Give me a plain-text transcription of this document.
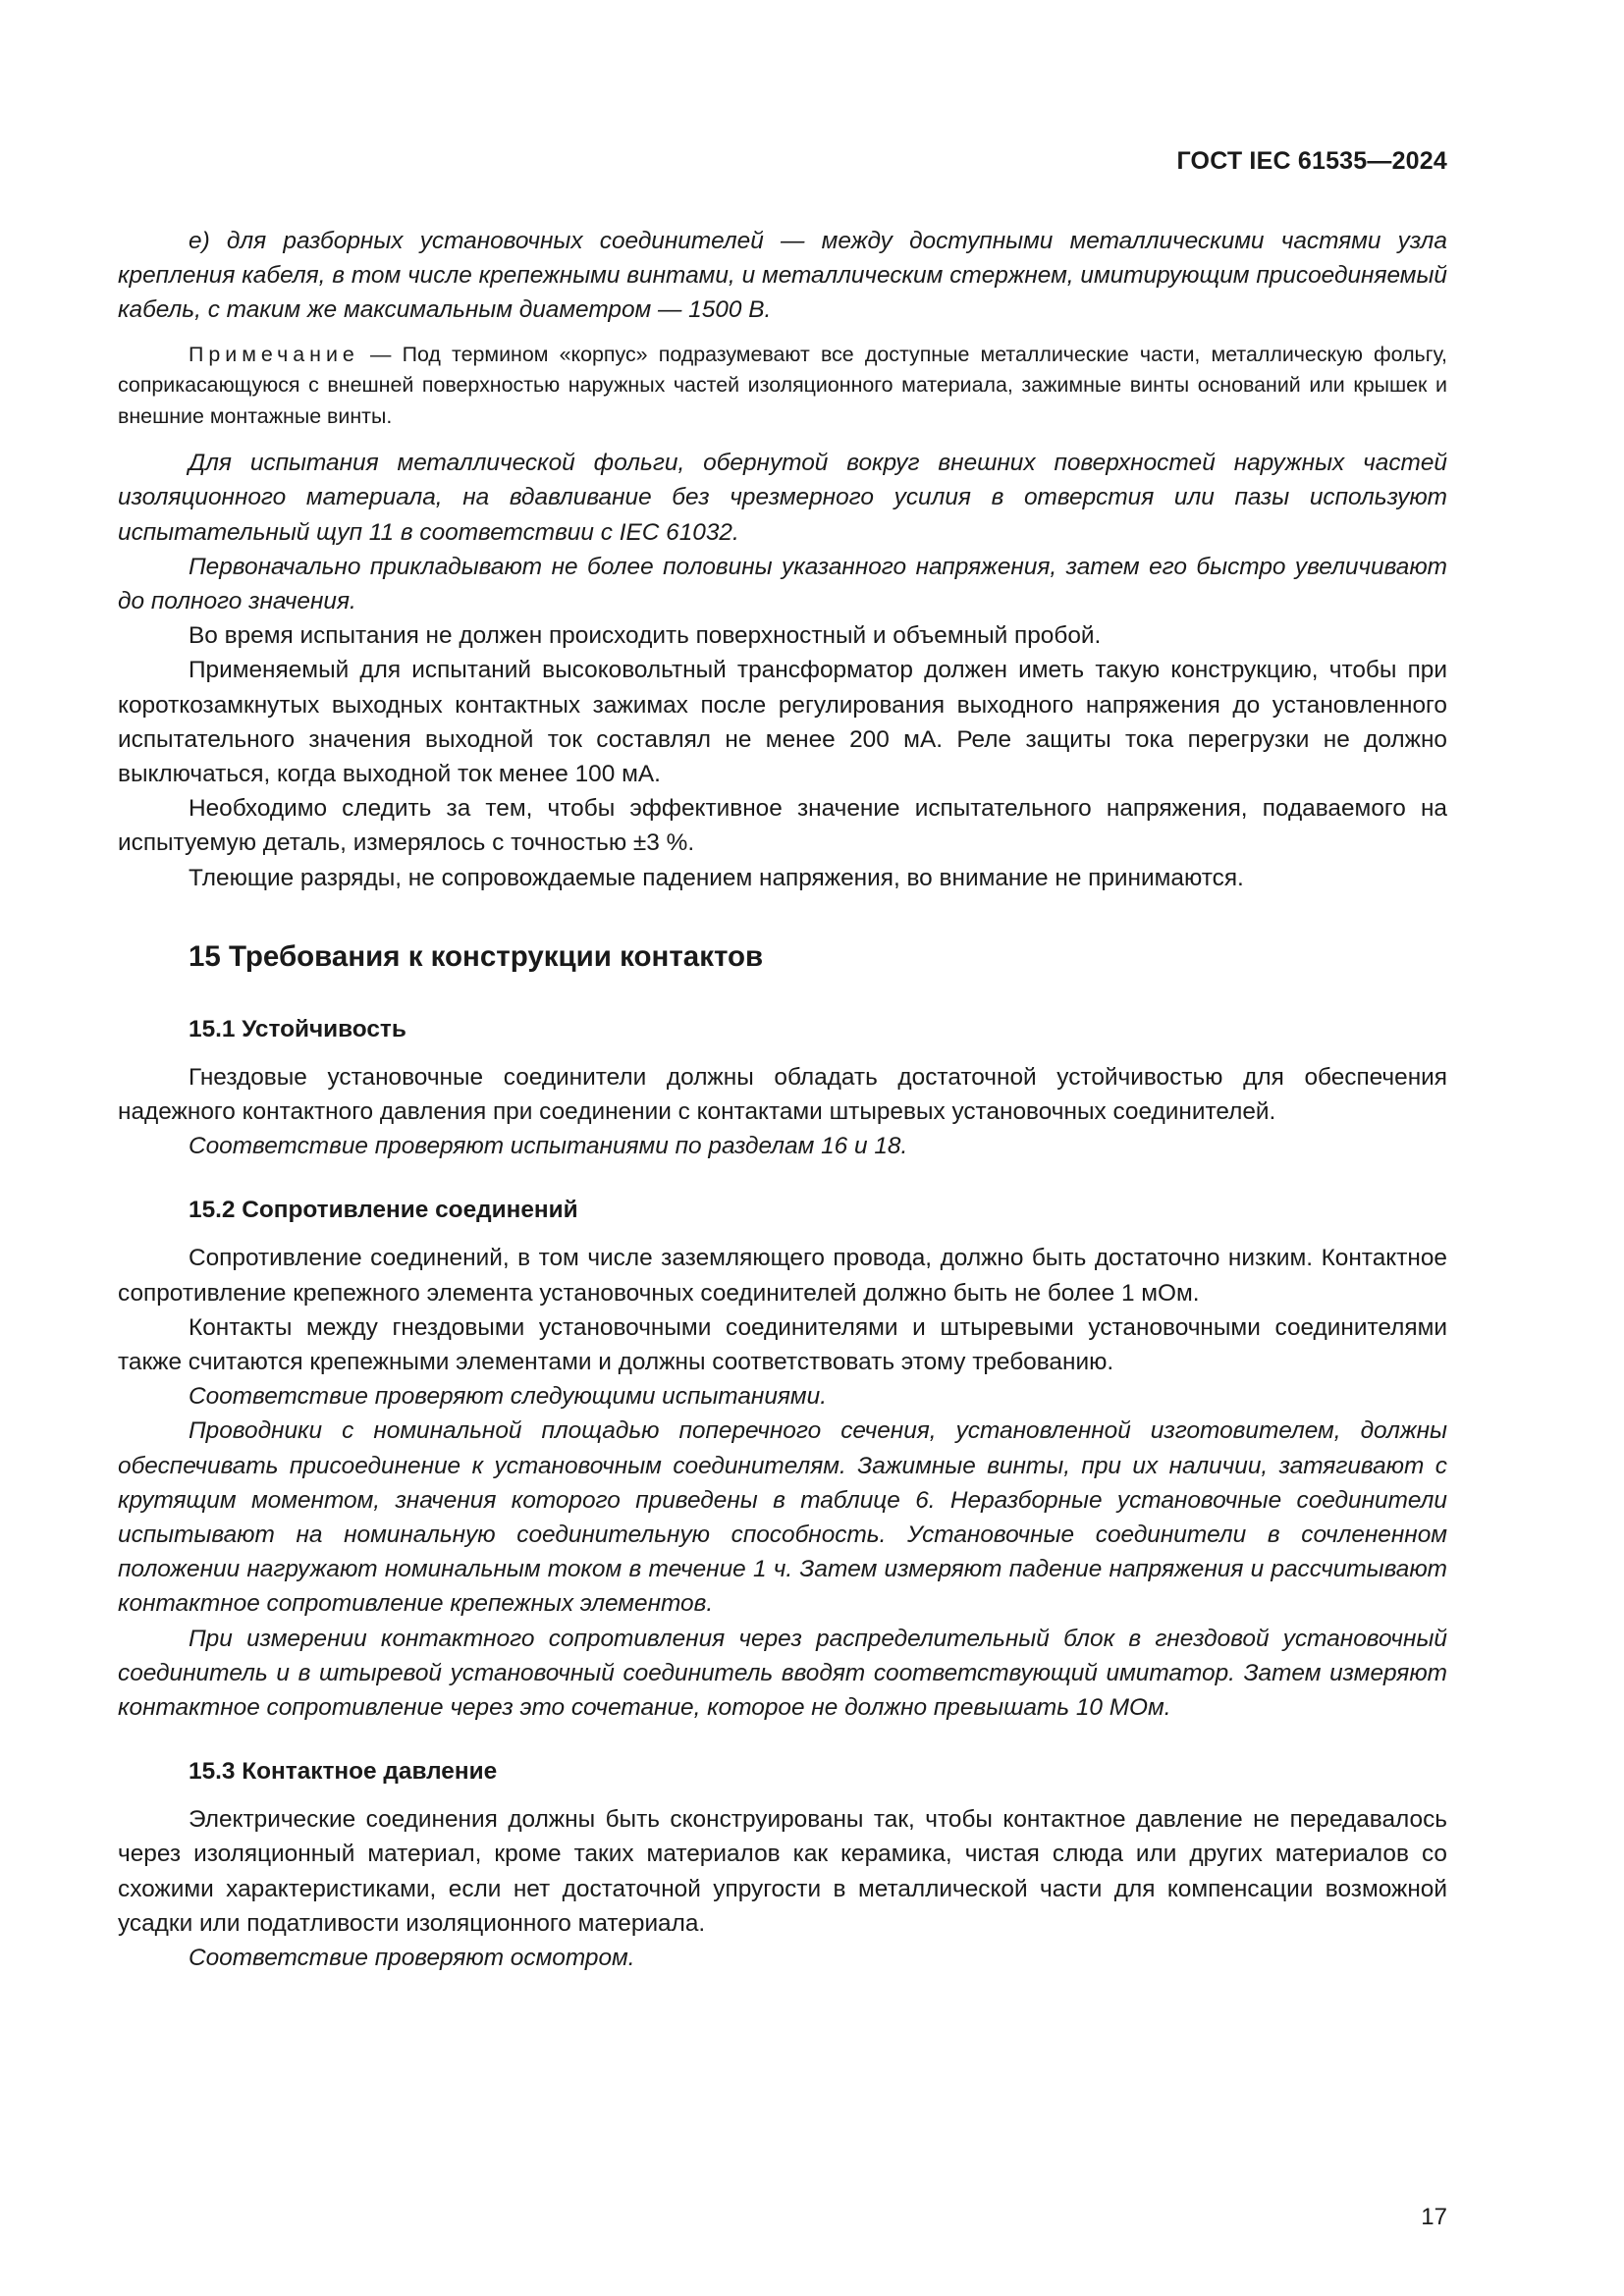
ГОСТ IEC 61535—2024

е) для разборных установочных соединителей — между доступными металлическими частями узла крепления кабеля, в том числе крепежными винтами, и металлическим стержнем, имитирующим присоединяемый кабель, с таким же максимальным диаметром — 1500 В.

Примечание — Под термином «корпус» подразумевают все доступные металлические части, металлическую фольгу, соприкасающуюся с внешней поверхностью наружных частей изоляционного материала, зажимные винты оснований или крышек и внешние монтажные винты.

Для испытания металлической фольги, обернутой вокруг внешних поверхностей наружных частей изоляционного материала, на вдавливание без чрезмерного усилия в отверстия или пазы используют испытательный щуп 11 в соответствии с IEC 61032.

Первоначально прикладывают не более половины указанного напряжения, затем его быстро увеличивают до полного значения.

Во время испытания не должен происходить поверхностный и объемный пробой.

Применяемый для испытаний высоковольтный трансформатор должен иметь такую конструкцию, чтобы при короткозамкнутых выходных контактных зажимах после регулирования выходного напряжения до установленного испытательного значения выходной ток составлял не менее 200 мА. Реле защиты тока перегрузки не должно выключаться, когда выходной ток менее 100 мА.

Необходимо следить за тем, чтобы эффективное значение испытательного напряжения, подаваемого на испытуемую деталь, измерялось с точностью ±3 %.

Тлеющие разряды, не сопровождаемые падением напряжения, во внимание не принимаются.

15 Требования к конструкции контактов
15.1 Устойчивость

Гнездовые установочные соединители должны обладать достаточной устойчивостью для обеспечения надежного контактного давления при соединении с контактами штыревых установочных соединителей.

Соответствие проверяют испытаниями по разделам 16 и 18.

15.2 Сопротивление соединений

Сопротивление соединений, в том числе заземляющего провода, должно быть достаточно низким. Контактное сопротивление крепежного элемента установочных соединителей должно быть не более 1 мОм.

Контакты между гнездовыми установочными соединителями и штыревыми установочными соединителями также считаются крепежными элементами и должны соответствовать этому требованию.

Соответствие проверяют следующими испытаниями.

Проводники с номинальной площадью поперечного сечения, установленной изготовителем, должны обеспечивать присоединение к установочным соединителям. Зажимные винты, при их наличии, затягивают с крутящим моментом, значения которого приведены в таблице 6. Неразборные установочные соединители испытывают на номинальную соединительную способность. Установочные соединители в сочлененном положении нагружают номинальным током в течение 1 ч. Затем измеряют падение напряжения и рассчитывают контактное сопротивление крепежных элементов.

При измерении контактного сопротивления через распределительный блок в гнездовой установочный соединитель и в штыревой установочный соединитель вводят соответствующий имитатор. Затем измеряют контактное сопротивление через это сочетание, которое не должно превышать 10 МОм.

15.3 Контактное давление

Электрические соединения должны быть сконструированы так, чтобы контактное давление не передавалось через изоляционный материал, кроме таких материалов как керамика, чистая слюда или других материалов со схожими характеристиками, если нет достаточной упругости в металлической части для компенсации возможной усадки или податливости изоляционного материала.

Соответствие проверяют осмотром.

17
